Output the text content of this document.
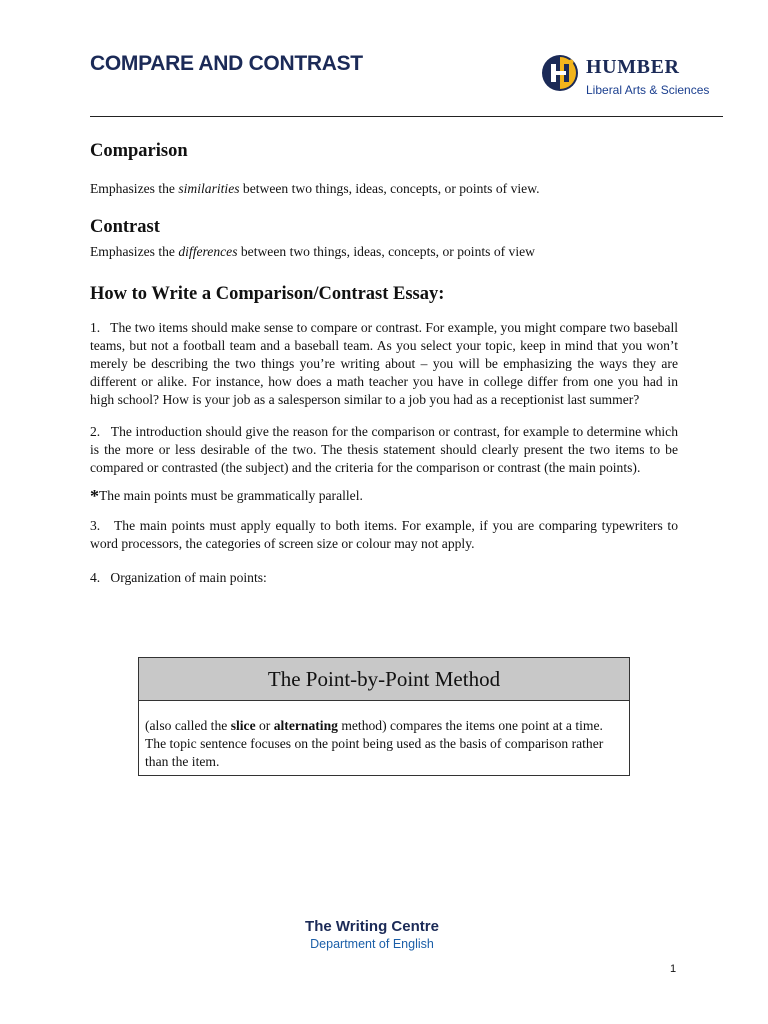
COMPARE AND CONTRAST	HUMBER
Liberal Arts & Sciences
Comparison

Emphasizes the similarities between two things, ideas, concepts, or points of view.

Contrast

Emphasizes the differences between two things, ideas, concepts, or points of view

How to Write a Comparison/Contrast Essay:

1.   The two items should make sense to compare or contrast. For example, you might compare two baseball teams, but not a football team and a baseball team. As you select your topic, keep in mind that you won’t merely be describing the two things you’re writing about – you will be emphasizing the ways they are different or alike. For instance, how does a math teacher you have in college differ from one you had in high school? How is your job as a salesperson similar to a job you had as a receptionist last summer?

2.   The introduction should give the reason for the comparison or contrast, for example to determine which is the more or less desirable of the two. The thesis statement should clearly present the two items to be compared or contrasted (the subject) and the criteria for the comparison or contrast (the main points).

*The main points must be grammatically parallel.

3.   The main points must apply equally to both items. For example, if you are comparing typewriters to word processors, the categories of screen size or colour may not apply.

4.   Organization of main points:

The Point-by-Point Method
(also called the slice or alternating method) compares the items one point at a time. The topic sentence focuses on the point being used as the basis of comparison rather than the item.
The Writing Centre
Department of English
1
